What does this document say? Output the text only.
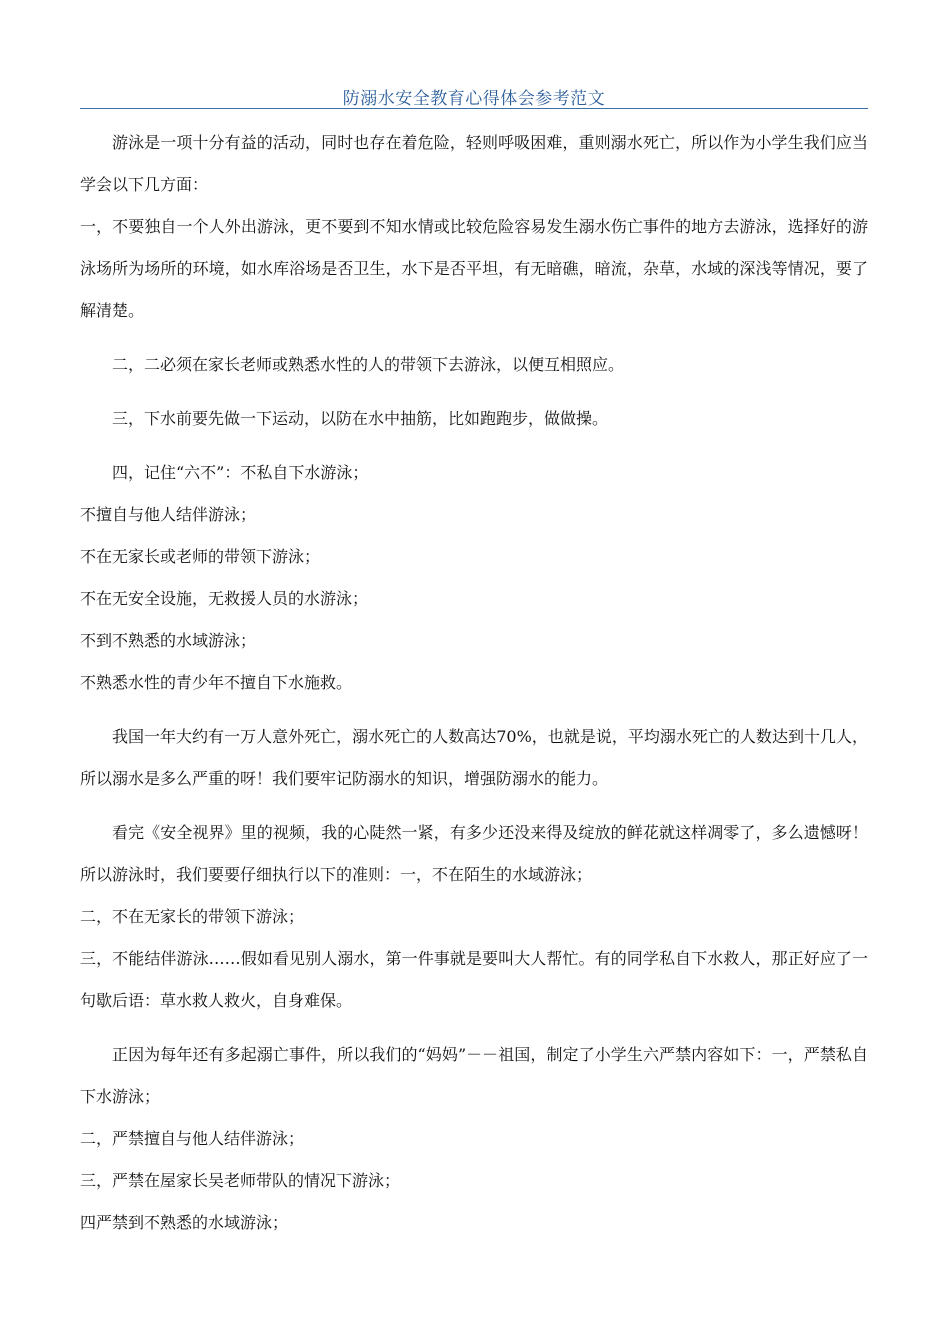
防溺水安全教育心得体会参考范文

游泳是一项十分有益的活动，同时也存在着危险，轻则呼吸困难，重则溺水死亡，所以作为小学生我们应当学会以下几方面：

一，不要独自一个人外出游泳，更不要到不知水情或比较危险容易发生溺水伤亡事件的地方去游泳，选择好的游泳场所为场所的环境，如水库浴场是否卫生，水下是否平坦，有无暗礁，暗流，杂草，水域的深浅等情况，要了解清楚。

二，二必须在家长老师或熟悉水性的人的带领下去游泳，以便互相照应。

三，下水前要先做一下运动，以防在水中抽筋，比如跑跑步，做做操。

四，记住“六不”：不私自下水游泳；

不擅自与他人结伴游泳；

不在无家长或老师的带领下游泳；

不在无安全设施，无救援人员的水游泳；

不到不熟悉的水域游泳；

不熟悉水性的青少年不擅自下水施救。

我国一年大约有一万人意外死亡，溺水死亡的人数高达70%，也就是说，平均溺水死亡的人数达到十几人，所以溺水是多么严重的呀！我们要牢记防溺水的知识，增强防溺水的能力。

看完《安全视界》里的视频，我的心陡然一紧，有多少还没来得及绽放的鲜花就这样凋零了，多么遗憾呀！所以游泳时，我们要要仔细执行以下的准则：一，不在陌生的水域游泳；

二，不在无家长的带领下游泳；

三，不能结伴游泳……假如看见别人溺水，第一件事就是要叫大人帮忙。有的同学私自下水救人，那正好应了一句歇后语：草水救人救火，自身难保。

正因为每年还有多起溺亡事件，所以我们的“妈妈”－－祖国，制定了小学生六严禁内容如下：一，严禁私自下水游泳；

二，严禁擅自与他人结伴游泳；

三，严禁在屋家长吴老师带队的情况下游泳；

四严禁到不熟悉的水域游泳；
